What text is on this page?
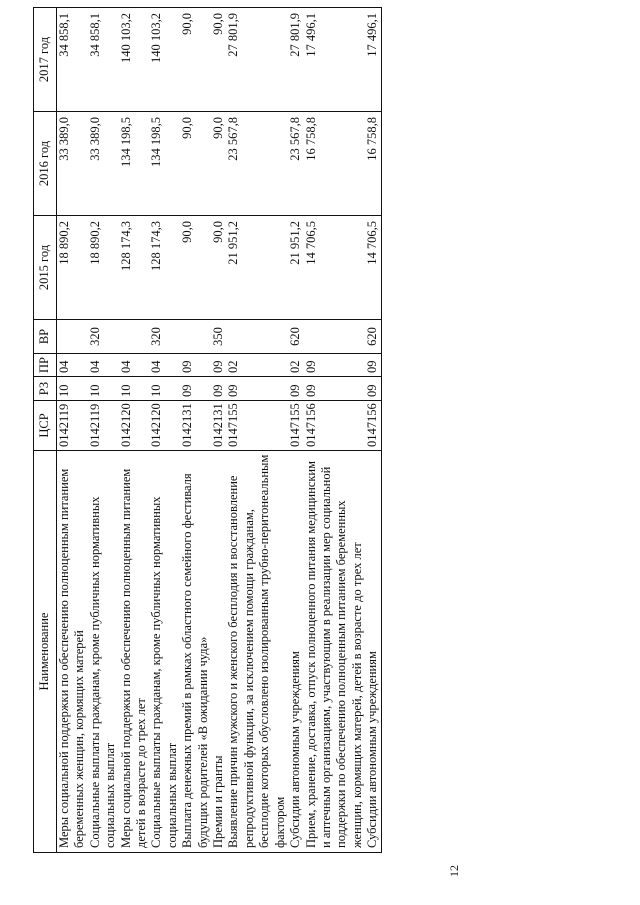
12
Наименование	ЦСР	РЗ	ПР	ВР	2015 год	2016 год	2017 год
Меры социальной поддержки по обеспечению полноценным питанием беременных женщин, кормящих матерей	0142119	10	04		18 890,2	33 389,0	34 858,1
Социальные выплаты гражданам, кроме публичных нормативных социальных выплат	0142119	10	04	320	18 890,2	33 389,0	34 858,1
Меры социальной поддержки по обеспечению полноценным питанием детей в возрасте до трех лет	0142120	10	04		128 174,3	134 198,5	140 103,2
Социальные выплаты гражданам, кроме публичных нормативных социальных выплат	0142120	10	04	320	128 174,3	134 198,5	140 103,2
Выплата денежных премий в рамках областного семейного фестиваля будущих родителей «В ожидании чуда»	0142131	09	09		90,0	90,0	90,0
Премии и гранты	0142131	09	09	350	90,0	90,0	90,0
Выявление причин мужского и женского бесплодия и восстановление репродуктивной функции, за исключением помощи гражданам, бесплодие которых обусловлено изолированным трубно-перитонеальным фактором	0147155	09	02		21 951,2	23 567,8	27 801,9
Субсидии автономным учреждениям	0147155	09	02	620	21 951,2	23 567,8	27 801,9
Прием, хранение, доставка, отпуск полноценного питания медицинским и аптечным организациям, участвующим в реализации мер социальной поддержки по обеспечению полноценным питанием беременных женщин, кормящих матерей, детей в возрасте до трех лет	0147156	09	09		14 706,5	16 758,8	17 496,1
Субсидии автономным учреждениям	0147156	09	09	620	14 706,5	16 758,8	17 496,1
